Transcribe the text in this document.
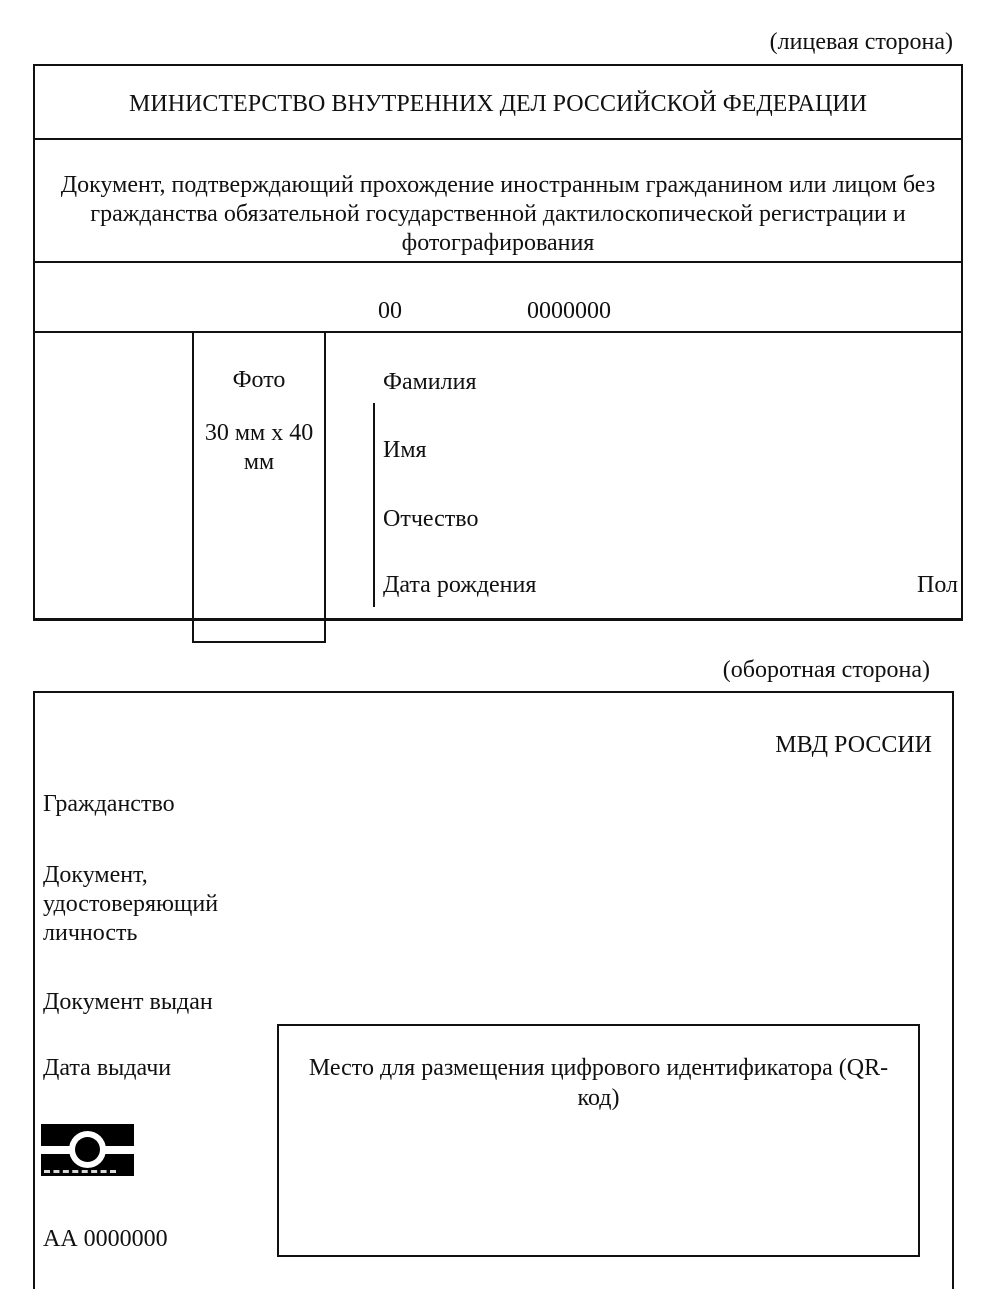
(лицевая сторона)
МИНИСТЕРСТВО ВНУТРЕННИХ ДЕЛ РОССИЙСКОЙ ФЕДЕРАЦИИ
Документ, подтверждающий прохождение иностранным гражданином или лицом без гражданства обязательной государственной дактилоскопической регистрации и фотографирования
00	0000000
Фото
30 мм x 40 мм
Фамилия
Имя
Отчество
Дата рождения	Пол
(оборотная сторона)
МВД РОССИИ
Гражданство
Документ, удостоверяющий личность
Документ выдан
Дата выдачи
АА 0000000
Место для размещения цифрового идентификатора (QR-
код)
